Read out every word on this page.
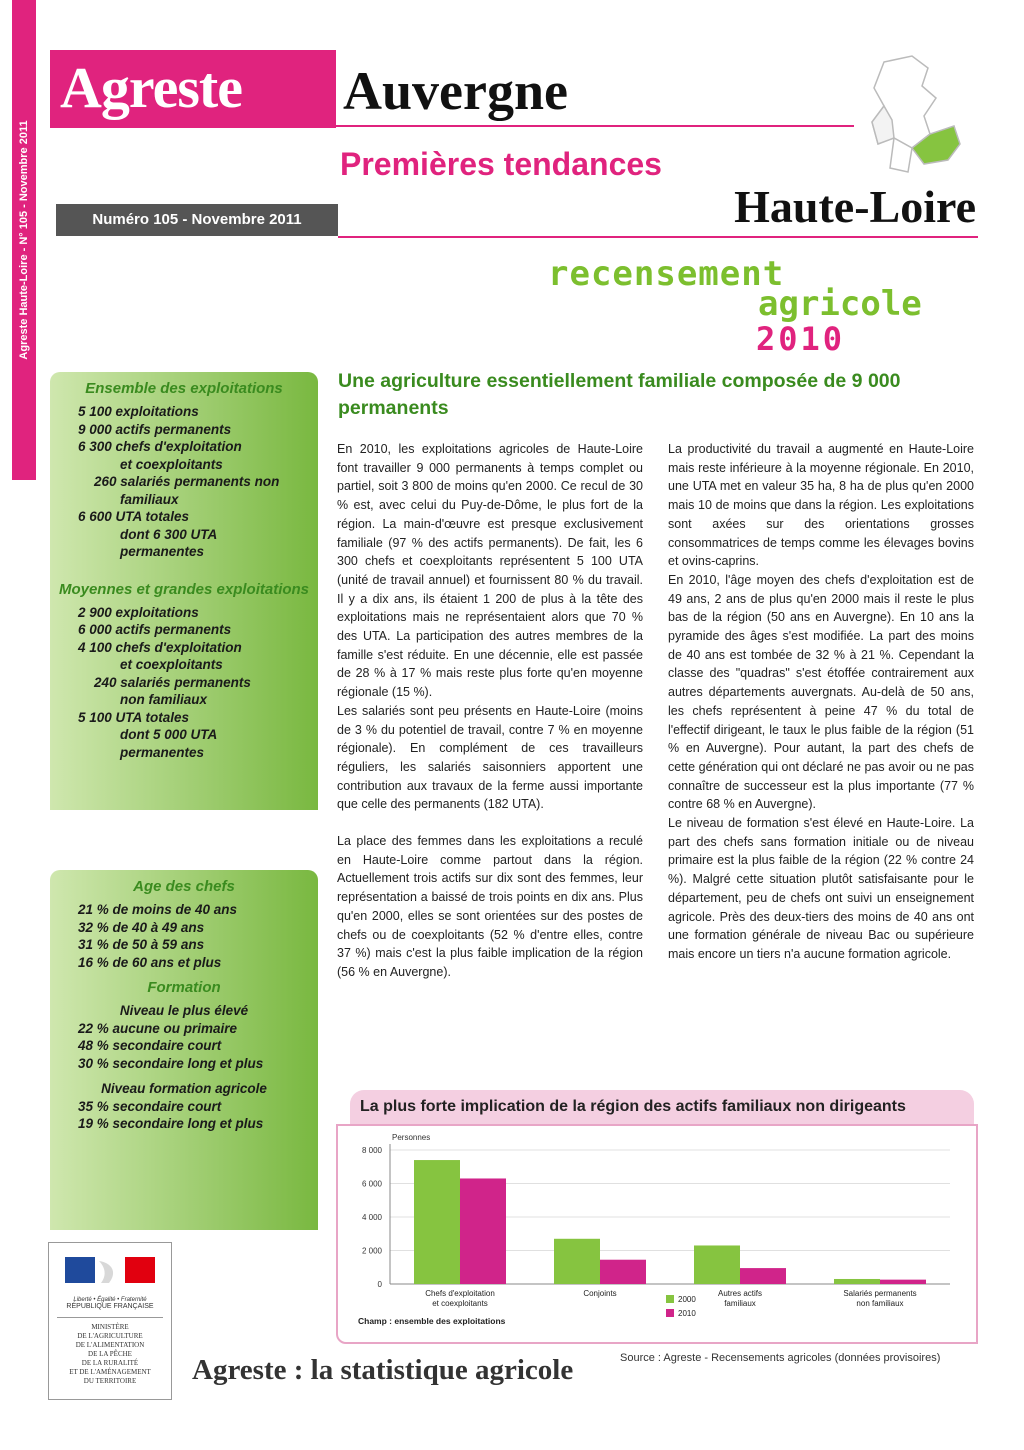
Agreste Haute-Loire - N° 105 - Novembre 2011
Agreste	Auvergne
Premières tendances
Numéro 105 - Novembre 2011	Haute-Loire
recensement
agricole
2010
Ensemble des exploitations
5 100 exploitations
9 000 actifs permanents
6 300 chefs d'exploitation
et coexploitants
260 salariés permanents non
familiaux
6 600 UTA totales
dont 6 300 UTA
permanentes
Moyennes et grandes exploitations
2 900 exploitations
6 000 actifs permanents
4 100 chefs d'exploitation
et coexploitants
240 salariés permanents
non familiaux
5 100 UTA totales
dont 5 000 UTA
permanentes
Age des chefs
21 % de moins de 40 ans
32 % de 40 à 49 ans
31 % de 50 à 59 ans
16 % de 60 ans et plus
Formation
Niveau le plus élevé
22 % aucune ou primaire
48 % secondaire court
30 % secondaire long et plus
Niveau formation agricole
35 % secondaire court
19 % secondaire long et plus
Une agriculture essentiellement familiale composée de 9 000 permanents

En 2010, les exploitations agricoles de Haute-Loire font travailler 9 000 permanents à temps complet ou partiel, soit 3 800 de moins qu'en 2000. Ce recul de 30 % est, avec celui du Puy-de-Dôme, le plus fort de la région. La main-d'œuvre est presque exclusivement familiale (97 % des actifs permanents). De fait, les 6 300 chefs et coexploitants représentent 5 100 UTA (unité de travail annuel) et fournissent 80 % du travail. Il y a dix ans, ils étaient 1 200 de plus à la tête des exploitations mais ne représentaient alors que 70 % des UTA. La participation des autres membres de la famille s'est réduite. En une décennie, elle est passée de 28 % à 17 % mais reste plus forte qu'en moyenne régionale (15 %).

Les salariés sont peu présents en Haute-Loire (moins de 3 % du potentiel de travail, contre 7 % en moyenne régionale). En complément de ces travailleurs réguliers, les salariés saisonniers apportent une contribution aux travaux de la ferme aussi importante que celle des permanents (182 UTA).

La place des femmes dans les exploitations a reculé en Haute-Loire comme partout dans la région. Actuellement trois actifs sur dix sont des femmes, leur représentation a baissé de trois points en dix ans. Plus qu'en 2000, elles se sont orientées sur des postes de chefs ou de coexploitants (52 % d'entre elles, contre 37 %) mais c'est la plus faible implication de la région (56 % en Auvergne).

La productivité du travail a augmenté en Haute-Loire mais reste inférieure à la moyenne régionale. En 2010, une UTA met en valeur 35 ha, 8 ha de plus qu'en 2000 mais 10 de moins que dans la région. Les exploitations sont axées sur des orientations grosses consommatrices de temps comme les élevages bovins et ovins-caprins.

En 2010, l'âge moyen des chefs d'exploitation est de 49 ans, 2 ans de plus qu'en 2000 mais il reste le plus bas de la région (50 ans en Auvergne). En 10 ans la pyramide des âges s'est modifiée. La part des moins de 40 ans est tombée de 32 % à 21 %. Cependant la classe des "quadras" s'est étoffée contrairement aux autres départements auvergnats. Au-delà de 50 ans, les chefs représentent à peine 47 % du total de l'effectif dirigeant, le taux le plus faible de la région (51 % en Auvergne). Pour autant, la part des chefs de cette génération qui ont déclaré ne pas avoir ou ne pas connaître de successeur est la plus importante (77 % contre 68 % en Auvergne).

Le niveau de formation s'est élevé en Haute-Loire. La part des chefs sans formation initiale ou de niveau primaire est la plus faible de la région (22 % contre 24 %). Malgré cette situation plutôt satisfaisante pour le département, peu de chefs ont suivi un enseignement agricole. Près des deux-tiers des moins de 40 ans ont une formation générale de niveau Bac ou supérieure mais encore un tiers n'a aucune formation agricole.

La plus forte implication de la région des actifs familiaux non dirigeants
Personnes
0
2 000
4 000
6 000
8 000
Chefs d'exploitation
et coexploitants
Conjoints	Autres actifs
familiaux
Salariés permanents
non familiaux
2000
2010
Champ : ensemble des exploitations
Source : Agreste - Recensements agricoles (données provisoires)
Liberté • Égalité • Fraternité
RÉPUBLIQUE FRANÇAISE
MINISTÈRE
DE L'AGRICULTURE
DE L'ALIMENTATION
DE LA PÊCHE
DE LA RURALITÉ
ET DE L'AMÉNAGEMENT
DU TERRITOIRE	Agreste : la statistique agricole
